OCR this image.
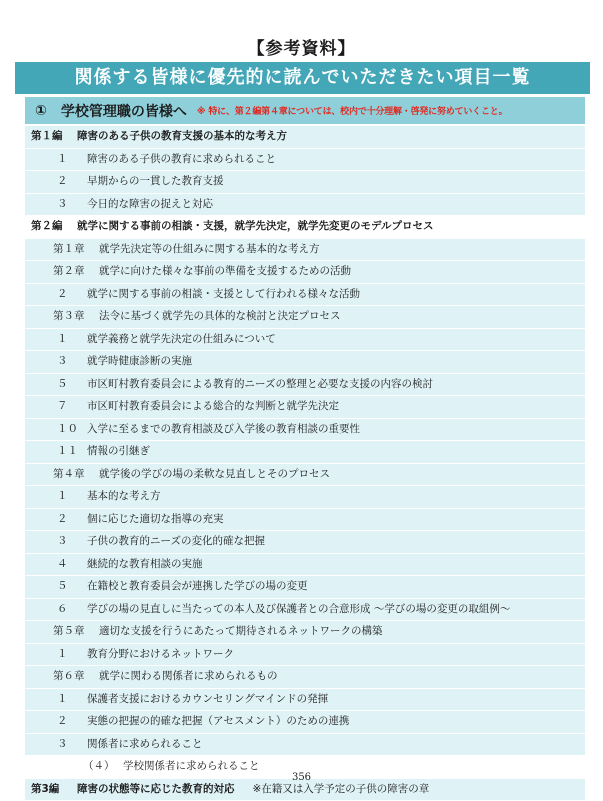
【参考資料】
関係する皆様に優先的に読んでいただきたい項目一覧
① 学校管理職の皆様へ ※ 特に、第２編第４章については、校内で十分理解・啓発に努めていくこと。
第１編 障害のある子供の教育支援の基本的な考え方
１ 障害のある子供の教育に求められること
２ 早期からの一貫した教育支援
３ 今日的な障害の捉えと対応
第２編 就学に関する事前の相談・支援，就学先決定，就学先変更のモデルプロセス
第１章 就学先決定等の仕組みに関する基本的な考え方
第２章 就学に向けた様々な事前の準備を支援するための活動
２ 就学に関する事前の相談・支援として行われる様々な活動
第３章 法令に基づく就学先の具体的な検討と決定プロセス
１ 就学義務と就学先決定の仕組みについて
３ 就学時健康診断の実施
５ 市区町村教育委員会による教育的ニーズの整理と必要な支援の内容の検討
７ 市区町村教育委員会による総合的な判断と就学先決定
１０ 入学に至るまでの教育相談及び入学後の教育相談の重要性
１１ 情報の引継ぎ
第４章 就学後の学びの場の柔軟な見直しとそのプロセス
１ 基本的な考え方
２ 個に応じた適切な指導の充実
３ 子供の教育的ニーズの変化的確な把握
４ 継続的な教育相談の実施
５ 在籍校と教育委員会が連携した学びの場の変更
６ 学びの場の見直しに当たっての本人及び保護者との合意形成 ～学びの場の変更の取組例～
第５章 適切な支援を行うにあたって期待されるネットワークの構築
１ 教育分野におけるネットワーク
第６章 就学に関わる関係者に求められるもの
１ 保護者支援におけるカウンセリングマインドの発揮
２ 実態の把握の的確な把握（アセスメント）のための連携
３ 関係者に求められること
（４） 学校関係者に求められること
第3編 障害の状態等に応じた教育的対応 ※在籍又は入学予定の子供の障害の章
356
